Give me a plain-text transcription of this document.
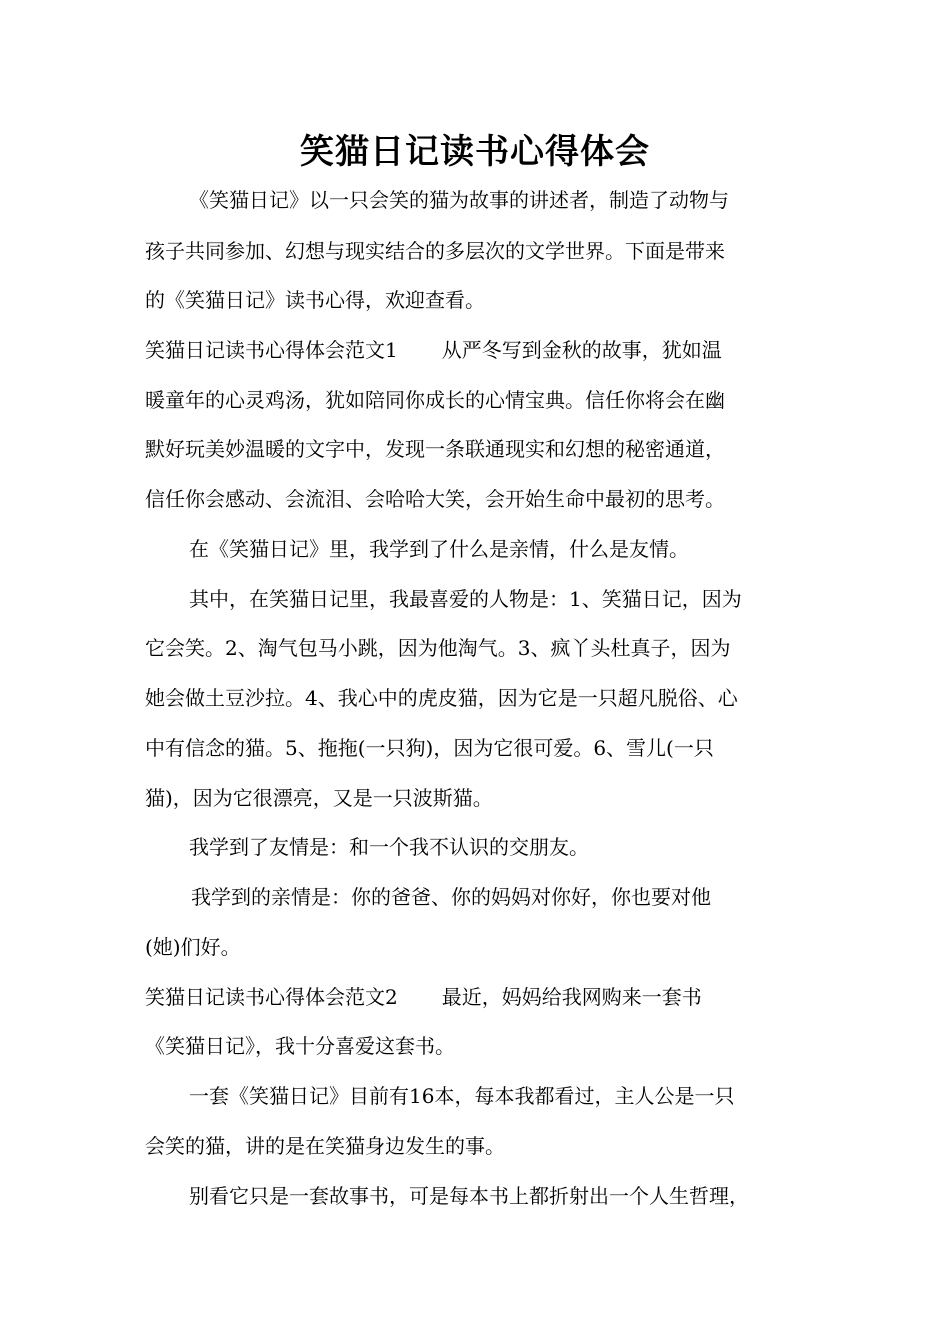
笑猫日记读书心得体会
《笑猫日记》以一只会笑的猫为故事的讲述者，制造了动物与
孩子共同参加、幻想与现实结合的多层次的文学世界。下面是带来
的《笑猫日记》读书心得，欢迎查看。
笑猫日记读书心得体会范文1 从严冬写到金秋的故事，犹如温
暖童年的心灵鸡汤，犹如陪同你成长的心情宝典。信任你将会在幽
默好玩美妙温暖的文字中，发现一条联通现实和幻想的秘密通道，
信任你会感动、会流泪、会哈哈大笑，会开始生命中最初的思考。
在《笑猫日记》里，我学到了什么是亲情，什么是友情。
其中，在笑猫日记里，我最喜爱的人物是：1、笑猫日记，因为
它会笑。2、淘气包马小跳，因为他淘气。3、疯丫头杜真子，因为
她会做土豆沙拉。4、我心中的虎皮猫，因为它是一只超凡脱俗、心
中有信念的猫。5、拖拖(一只狗)，因为它很可爱。6、雪儿(一只
猫)，因为它很漂亮，又是一只波斯猫。
我学到了友情是：和一个我不认识的交朋友。
我学到的亲情是：你的爸爸、你的妈妈对你好，你也要对他
(她)们好。
笑猫日记读书心得体会范文2 最近，妈妈给我网购来一套书
《笑猫日记》，我十分喜爱这套书。
一套《笑猫日记》目前有16本，每本我都看过，主人公是一只
会笑的猫，讲的是在笑猫身边发生的事。
别看它只是一套故事书，可是每本书上都折射出一个人生哲理，
